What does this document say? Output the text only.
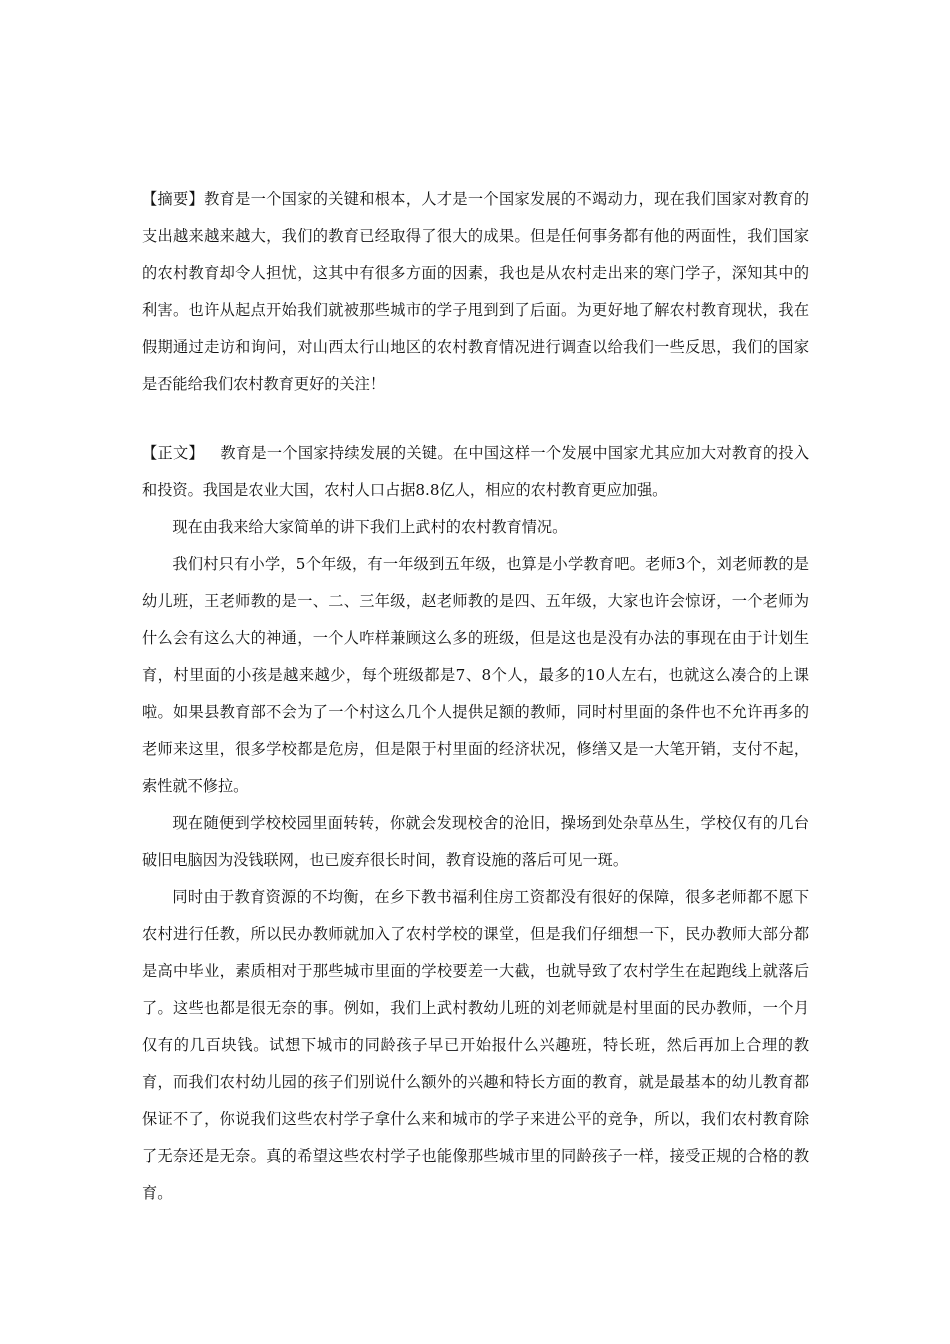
【摘要】教育是一个国家的关键和根本，人才是一个国家发展的不竭动力，现在我们国家对教育的支出越来越来越大，我们的教育已经取得了很大的成果。但是任何事务都有他的两面性，我们国家的农村教育却令人担忧，这其中有很多方面的因素，我也是从农村走出来的寒门学子，深知其中的利害。也许从起点开始我们就被那些城市的学子甩到到了后面。为更好地了解农村教育现状，我在假期通过走访和询问，对山西太行山地区的农村教育情况进行调查以给我们一些反思，我们的国家是否能给我们农村教育更好的关注！

【正文】 教育是一个国家持续发展的关键。在中国这样一个发展中国家尤其应加大对教育的投入和投资。我国是农业大国，农村人口占据8.8亿人，相应的农村教育更应加强。

现在由我来给大家简单的讲下我们上武村的农村教育情况。

我们村只有小学，5个年级，有一年级到五年级，也算是小学教育吧。老师3个，刘老师教的是幼儿班，王老师教的是一、二、三年级，赵老师教的是四、五年级，大家也许会惊讶，一个老师为什么会有这么大的神通，一个人咋样兼顾这么多的班级，但是这也是没有办法的事现在由于计划生育，村里面的小孩是越来越少，每个班级都是7、8个人，最多的10人左右，也就这么凑合的上课啦。如果县教育部不会为了一个村这么几个人提供足额的教师，同时村里面的条件也不允许再多的老师来这里，很多学校都是危房，但是限于村里面的经济状况，修缮又是一大笔开销，支付不起，索性就不修拉。

现在随便到学校校园里面转转，你就会发现校舍的沧旧，操场到处杂草丛生，学校仅有的几台破旧电脑因为没钱联网，也已废弃很长时间，教育设施的落后可见一斑。

同时由于教育资源的不均衡，在乡下教书福利住房工资都没有很好的保障，很多老师都不愿下农村进行任教，所以民办教师就加入了农村学校的课堂，但是我们仔细想一下，民办教师大部分都是高中毕业，素质相对于那些城市里面的学校要差一大截，也就导致了农村学生在起跑线上就落后了。这些也都是很无奈的事。例如，我们上武村教幼儿班的刘老师就是村里面的民办教师，一个月仅有的几百块钱。试想下城市的同龄孩子早已开始报什么兴趣班，特长班，然后再加上合理的教育，而我们农村幼儿园的孩子们别说什么额外的兴趣和特长方面的教育，就是最基本的幼儿教育都保证不了，你说我们这些农村学子拿什么来和城市的学子来进公平的竞争，所以，我们农村教育除了无奈还是无奈。真的希望这些农村学子也能像那些城市里的同龄孩子一样，接受正规的合格的教育。
